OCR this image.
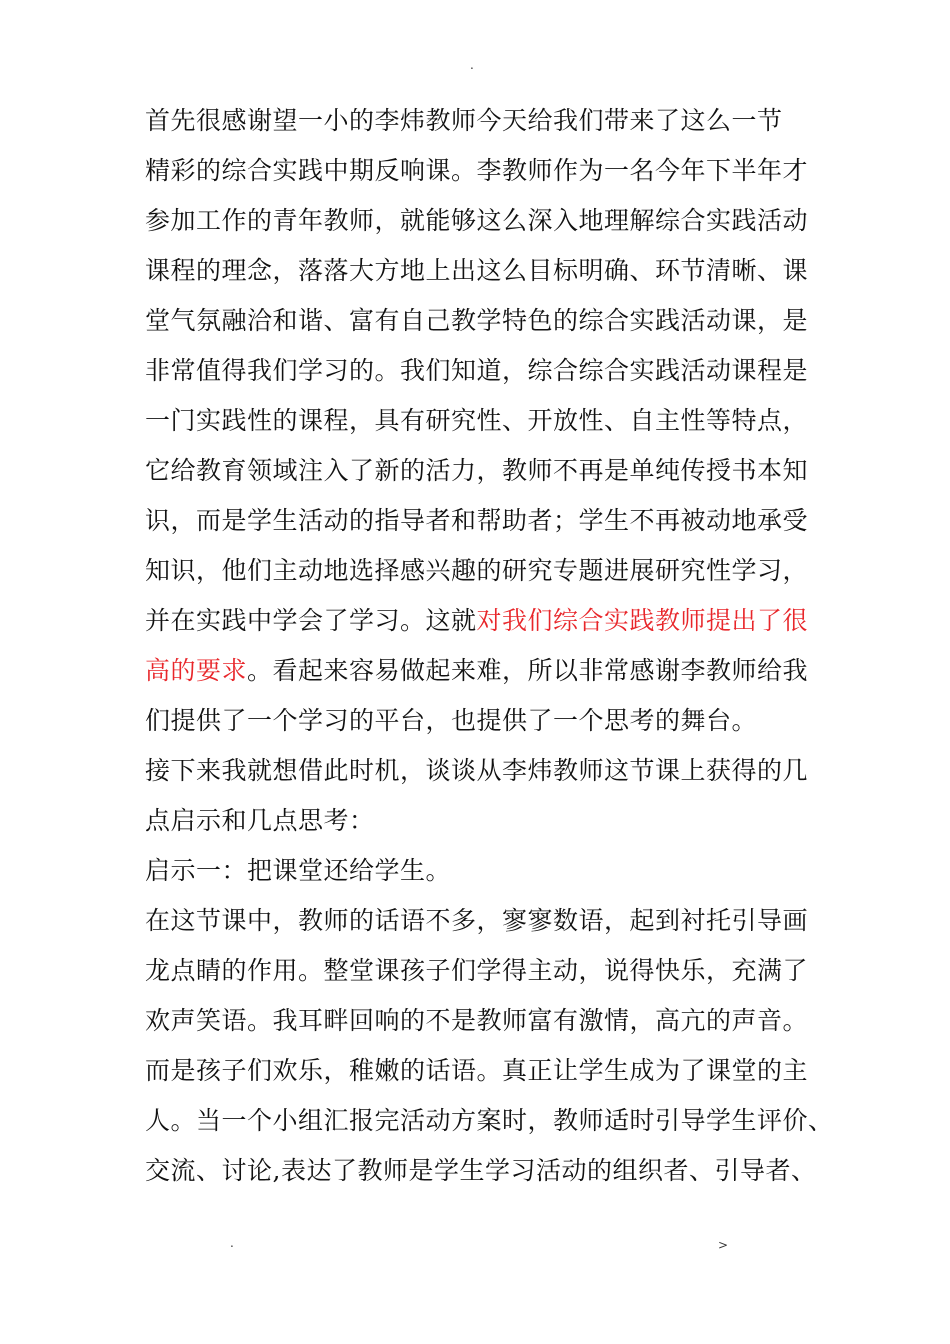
.
首先很感谢望一小的李炜教师今天给我们带来了这么一节
精彩的综合实践中期反响课。李教师作为一名今年下半年才
参加工作的青年教师，就能够这么深入地理解综合实践活动
课程的理念，落落大方地上出这么目标明确、环节清晰、课
堂气氛融洽和谐、富有自己教学特色的综合实践活动课，是
非常值得我们学习的。我们知道，综合综合实践活动课程是
一门实践性的课程，具有研究性、开放性、自主性等特点，
它给教育领域注入了新的活力，教师不再是单纯传授书本知
识，而是学生活动的指导者和帮助者；学生不再被动地承受
知识，他们主动地选择感兴趣的研究专题进展研究性学习，
并在实践中学会了学习。这就对我们综合实践教师提出了很
高的要求。看起来容易做起来难，所以非常感谢李教师给我
们提供了一个学习的平台，也提供了一个思考的舞台。
接下来我就想借此时机，谈谈从李炜教师这节课上获得的几
点启示和几点思考：
启示一：把课堂还给学生。
在这节课中，教师的话语不多，寥寥数语，起到衬托引导画
龙点睛的作用。整堂课孩子们学得主动，说得快乐，充满了
欢声笑语。我耳畔回响的不是教师富有激情，高亢的声音。
而是孩子们欢乐，稚嫩的话语。真正让学生成为了课堂的主
人。当一个小组汇报完活动方案时，教师适时引导学生评价、
交流、讨论,表达了教师是学生学习活动的组织者、引导者、
.	>
